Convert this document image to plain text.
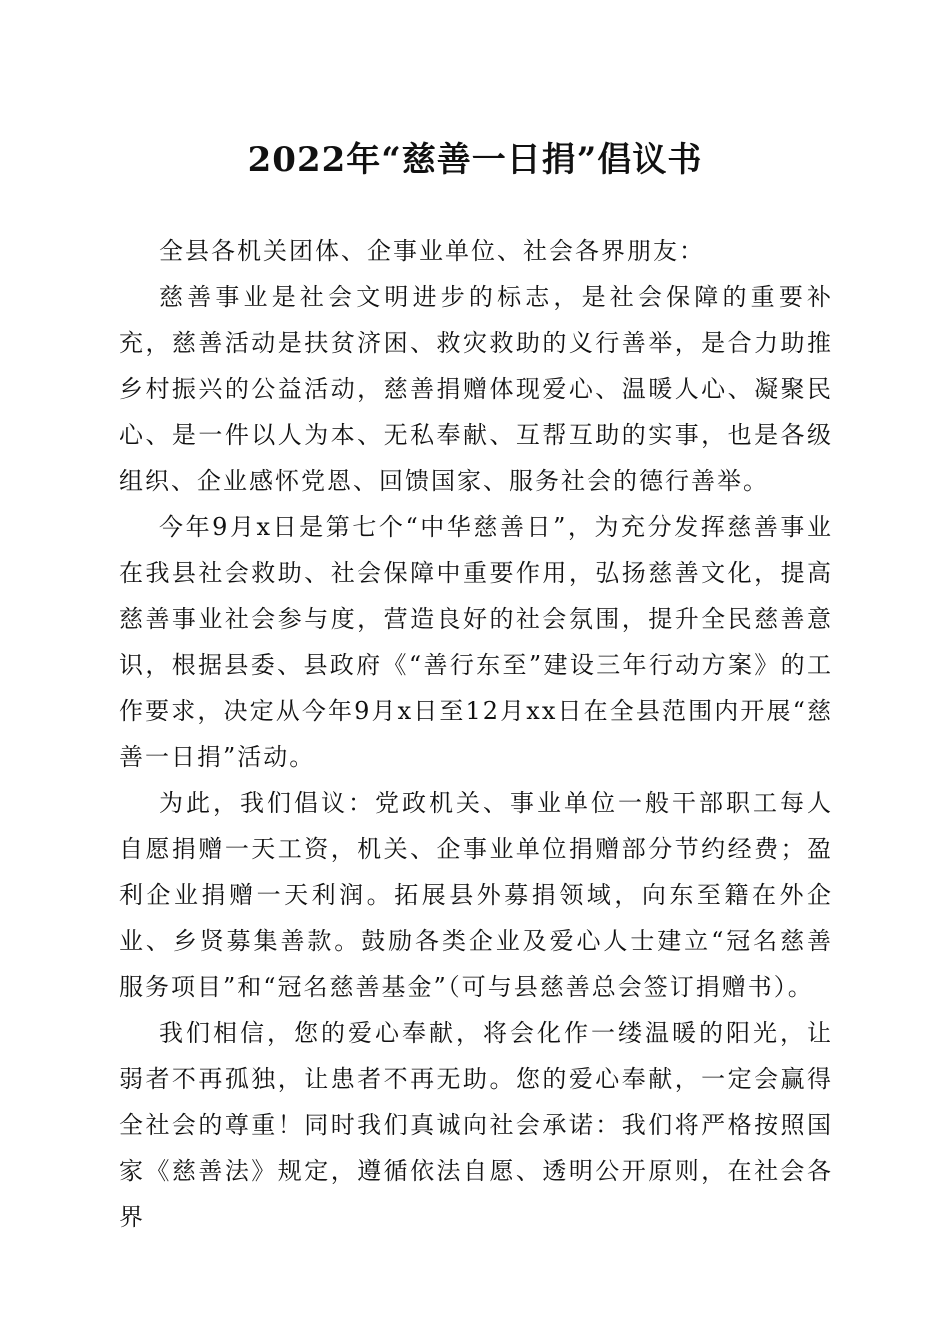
2022年“慈善一日捐”倡议书

全县各机关团体、企事业单位、社会各界朋友：

慈善事业是社会文明进步的标志，是社会保障的重要补充，慈善活动是扶贫济困、救灾救助的义行善举，是合力助推乡村振兴的公益活动，慈善捐赠体现爱心、温暖人心、凝聚民心、是一件以人为本、无私奉献、互帮互助的实事，也是各级组织、企业感怀党恩、回馈国家、服务社会的德行善举。

今年9月x日是第七个“中华慈善日”，为充分发挥慈善事业在我县社会救助、社会保障中重要作用，弘扬慈善文化，提高慈善事业社会参与度，营造良好的社会氛围，提升全民慈善意识，根据县委、县政府《“善行东至”建设三年行动方案》的工作要求，决定从今年9月x日至12月xx日在全县范围内开展“慈善一日捐”活动。

为此，我们倡议：党政机关、事业单位一般干部职工每人自愿捐赠一天工资，机关、企事业单位捐赠部分节约经费；盈利企业捐赠一天利润。拓展县外募捐领域，向东至籍在外企业、乡贤募集善款。鼓励各类企业及爱心人士建立“冠名慈善服务项目”和“冠名慈善基金”（可与县慈善总会签订捐赠书）。

我们相信，您的爱心奉献，将会化作一缕温暖的阳光，让弱者不再孤独，让患者不再无助。您的爱心奉献，一定会赢得全社会的尊重！同时我们真诚向社会承诺：我们将严格按照国家《慈善法》规定，遵循依法自愿、透明公开原则，在社会各界
